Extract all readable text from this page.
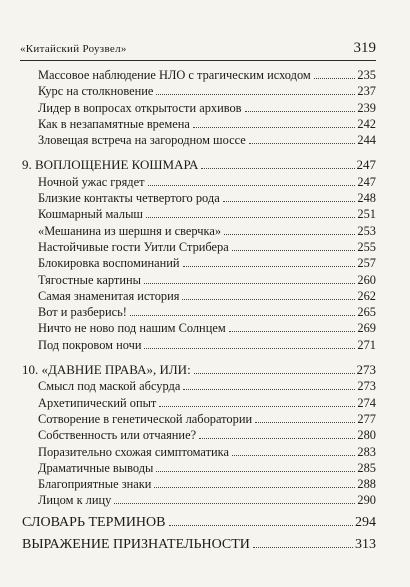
«Китайский Роузвел»	319
Массовое наблюдение НЛО с трагическим исходом	235
Курс на столкновение	237
Лидер в вопросах открытости архивов	239
Как в незапамятные времена	242
Зловещая встреча на загородном шоссе	244
9. ВОПЛОЩЕНИЕ КОШМАРА	247
Ночной ужас грядет	247
Близкие контакты четвертого рода	248
Кошмарный малыш	251
«Мешанина из шершня и сверчка»	253
Настойчивые гости Уитли Стрибера	255
Блокировка воспоминаний	257
Тягостные картины	260
Самая знаменитая история	262
Вот и разберись!	265
Ничто не ново под нашим Солнцем	269
Под покровом ночи	271
10. «ДАВНИЕ ПРАВА», ИЛИ:	273
Смысл под маской абсурда	273
Архетипический опыт	274
Сотворение в генетической лаборатории	277
Собственность или отчаяние?	280
Поразительно схожая симптоматика	283
Драматичные выводы	285
Благоприятные знаки	288
Лицом к лицу	290
СЛОВАРЬ ТЕРМИНОВ	294
ВЫРАЖЕНИЕ ПРИЗНАТЕЛЬНОСТИ	313
